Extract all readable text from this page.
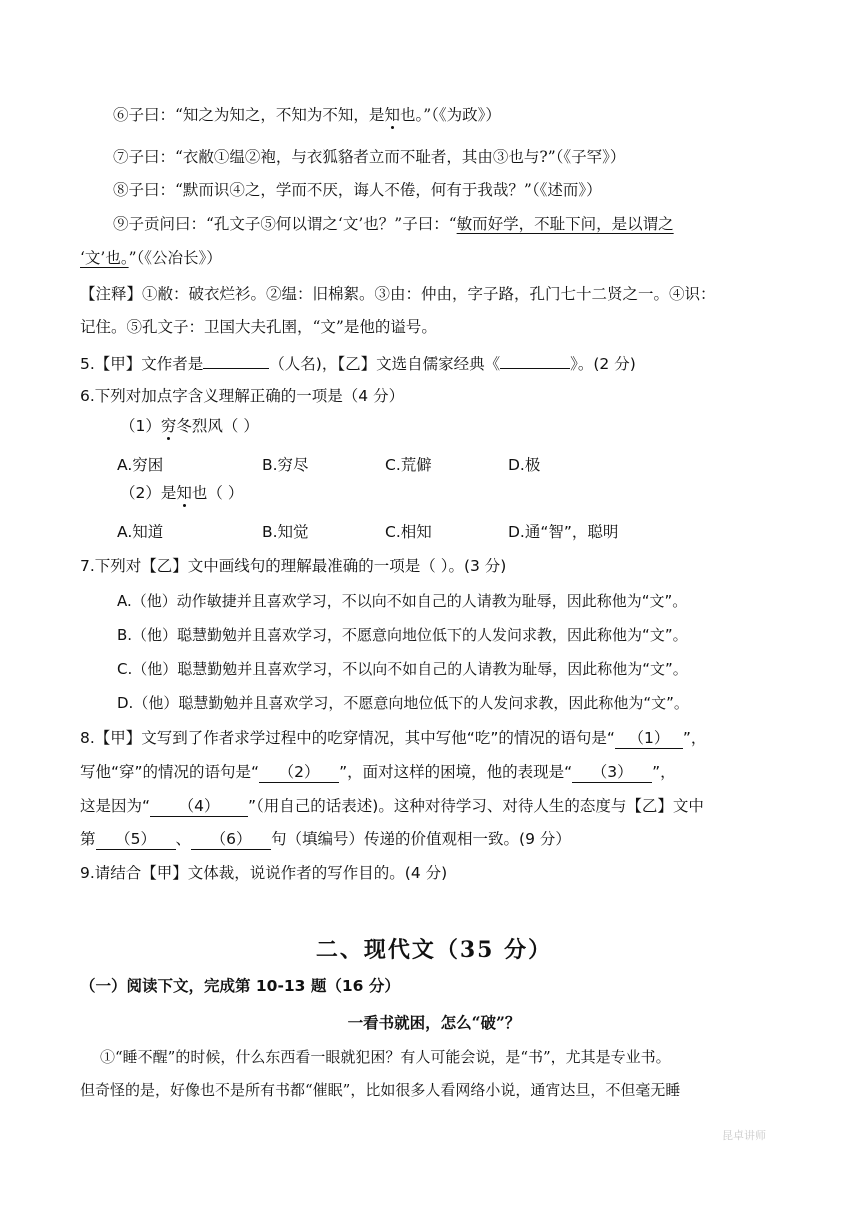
⑥子曰：“知之为知之，不知为不知，是知也。”（《为政》）
⑦子曰：“衣敝①缊②袍，与衣狐貉者立而不耻者，其由③也与?”（《子罕》）
⑧子曰：“默而识④之，学而不厌，诲人不倦，何有于我哉？”（《述而》）
⑨子贡问曰：“孔文子⑤何以谓之‘文’也？”子曰：“敏而好学，不耻下问，是以谓之
‘文’也。”（《公冶长》）
【注释】①敝：破衣烂衫。②缊：旧棉絮。③由：仲由，字子路，孔门七十二贤之一。④识：
记住。⑤孔文子：卫国大夫孔圉，“文”是他的谥号。
5.【甲】文作者是	（人名)，【乙】文选自儒家经典《	》。(2 分)
6.下列对加点字含义理解正确的一项是（4 分）
（1）穷冬烈风（ ）
A.穷困	B.穷尽	C.荒僻	D.极
（2）是知也（ ）
A.知道	B.知觉	C.相知	D.通“智”，聪明
7.下列对【乙】文中画线句的理解最准确的一项是（ ）。(3 分)
A.（他）动作敏捷并且喜欢学习，不以向不如自己的人请教为耻辱，因此称他为“文”。
B.（他）聪慧勤勉并且喜欢学习，不愿意向地位低下的人发问求教，因此称他为“文”。
C.（他）聪慧勤勉并且喜欢学习，不以向不如自己的人请教为耻辱，因此称他为“文”。
D.（他）聪慧勤勉并且喜欢学习，不愿意向地位低下的人发问求教，因此称他为“文”。
8.【甲】文写到了作者求学过程中的吃穿情况，其中写他“吃”的情况的语句是“ （1） ”，
写他“穿”的情况的语句是“ （2） ”，面对这样的困境，他的表现是“ （3） ”，
这是因为“ （4） ”（用自己的话表述)。这种对待学习、对待人生的态度与【乙】文中
第 （5） 、 （6） 句（填编号）传递的价值观相一致。(9 分）
9.请结合【甲】文体裁，说说作者的写作目的。(4 分)
二、现代文（35 分）
（一）阅读下文，完成第 10-13 题（16 分）
一看书就困，怎么“破”？
①“睡不醒”的时候，什么东西看一眼就犯困？有人可能会说，是“书”，尤其是专业书。
但奇怪的是，好像也不是所有书都“催眠”，比如很多人看网络小说，通宵达旦，不但毫无睡
昆卓讲师
